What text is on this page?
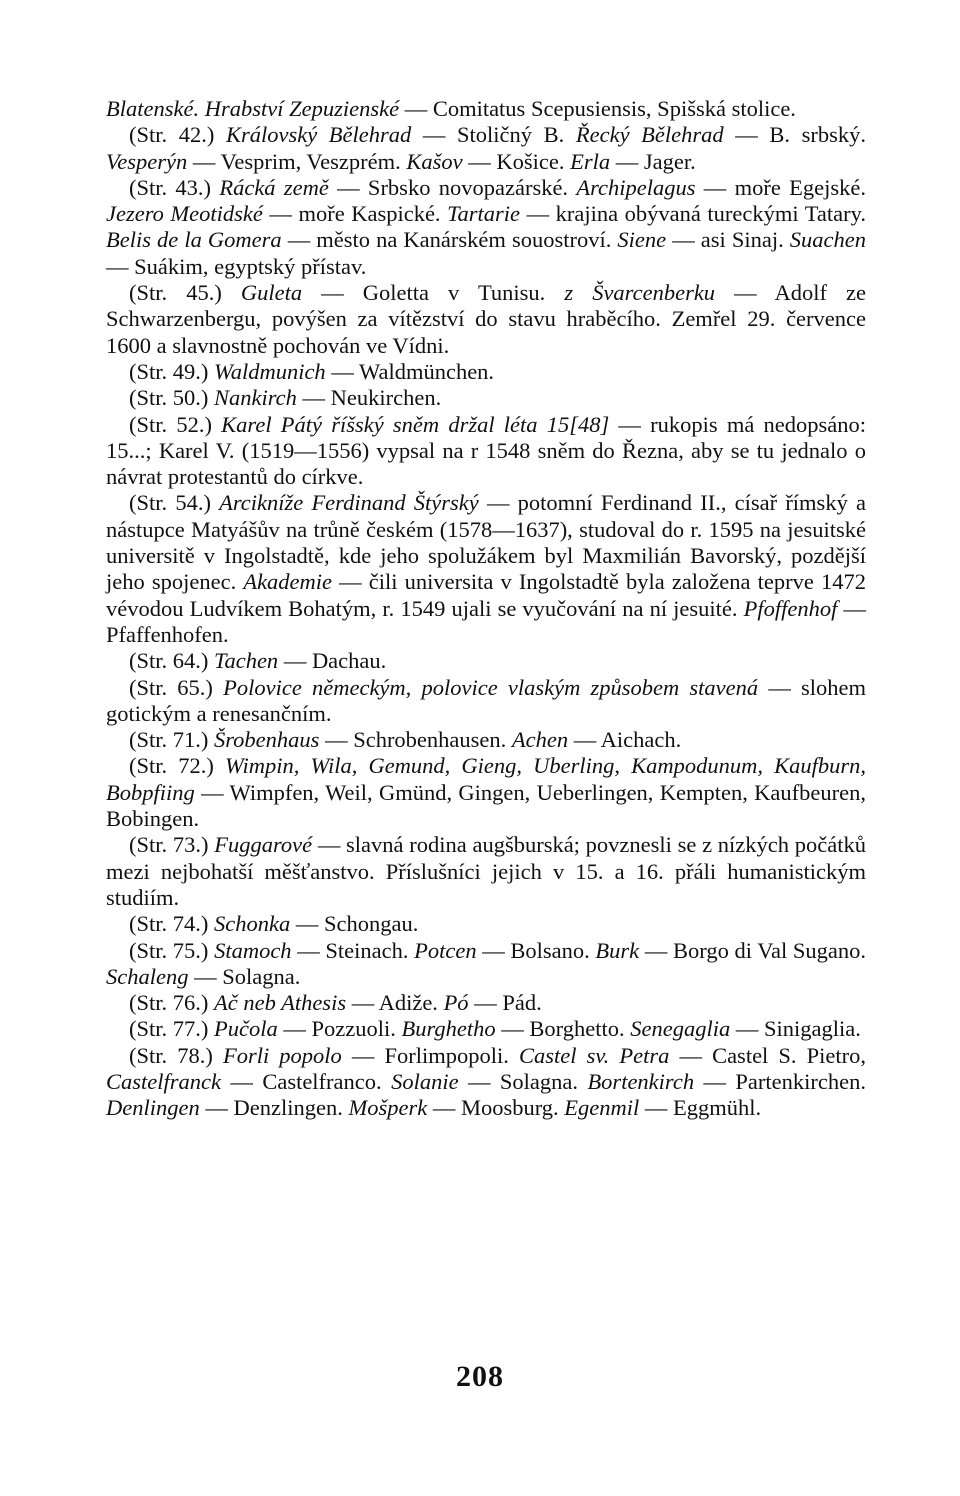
Blatenské. Hrabství Zepuzienské — Comitatus Scepusiensis, Spišská stolice.

(Str. 42.) Královský Bělehrad — Stoličný B. Řecký Bělehrad — B. srbský. Vesperýn — Vesprim, Veszprém. Kašov — Košice. Erla — Jager.

(Str. 43.) Rácká země — Srbsko novopazárské. Archipelagus — moře Egejské. Jezero Meotidské — moře Kaspické. Tartarie — krajina obývaná tureckými Tatary. Belis de la Gomera — město na Kanárském souostroví. Siene — asi Sinaj. Suachen — Suákim, egyptský přístav.

(Str. 45.) Guleta — Goletta v Tunisu. z Švarcenberku — Adolf ze Schwarzenbergu, povýšen za vítězství do stavu hraběcího. Zemřel 29. července 1600 a slavnostně pochován ve Vídni.

(Str. 49.) Waldmunich — Waldmünchen.

(Str. 50.) Nankirch — Neukirchen.

(Str. 52.) Karel Pátý říšský sněm držal léta 15[48] — rukopis má nedopsáno: 15...; Karel V. (1519—1556) vypsal na r 1548 sněm do Řezna, aby se tu jednalo o návrat protestantů do církve.

(Str. 54.) Arcikníže Ferdinand Štýrský — potomní Ferdinand II., císař římský a nástupce Matyášův na trůně českém (1578—1637), studoval do r. 1595 na jesuitské universitě v Ingolstadtě, kde jeho spolužákem byl Maxmilián Bavorský, pozdější jeho spojenec. Akademie — čili universita v Ingolstadtě byla založena teprve 1472 vévodou Ludvíkem Bohatým, r. 1549 ujali se vyučování na ní jesuité. Pfoffenhof — Pfaffenhofen.

(Str. 64.) Tachen — Dachau.

(Str. 65.) Polovice německým, polovice vlaským způsobem stavená — slohem gotickým a renesančním.

(Str. 71.) Šrobenhaus — Schrobenhausen. Achen — Aichach.

(Str. 72.) Wimpin, Wila, Gemund, Gieng, Uberling, Kampodunum, Kaufburn, Bobpfiing — Wimpfen, Weil, Gmünd, Gingen, Ueberlingen, Kempten, Kaufbeuren, Bobingen.

(Str. 73.) Fuggarové — slavná rodina augšburská; povznesli se z nízkých počátků mezi nejbohatší měšťanstvo. Příslušníci jejich v 15. a 16. přáli humanistickým studiím.

(Str. 74.) Schonka — Schongau.

(Str. 75.) Stamoch — Steinach. Potcen — Bolsano. Burk — Borgo di Val Sugano. Schaleng — Solagna.

(Str. 76.) Ač neb Athesis — Adiže. Pó — Pád.

(Str. 77.) Pučola — Pozzuoli. Burghetho — Borghetto. Senegaglia — Sinigaglia.

(Str. 78.) Forli popolo — Forlimpopoli. Castel sv. Petra — Castel S. Pietro, Castelfranck — Castelfranco. Solanie — Solagna. Bortenkirch — Partenkirchen. Denlingen — Denzlingen. Mošperk — Moosburg. Egenmil — Eggmühl.

208
